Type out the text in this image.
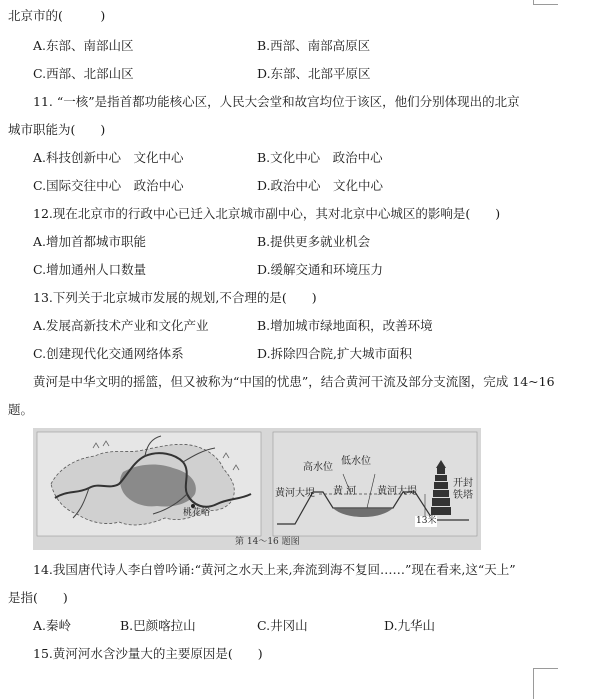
北京市的(　　　)
A.东部、南部山区	B.西部、南部高原区
C.西部、北部山区	D.东部、北部平原区
11. “一核”是指首都功能核心区，人民大会堂和故宫均位于该区，他们分别体现出的北京
城市职能为(　　)
A.科技创新中心　文化中心	B.文化中心　政治中心
C.国际交往中心　政治中心	D.政治中心　文化中心
12.现在北京市的行政中心已迁入北京城市副中心，其对北京中心城区的影响是(　　)
A.增加首都城市职能	B.提供更多就业机会
C.增加通州人口数量	D.缓解交通和环境压力
13.下列关于北京城市发展的规划,不合理的是(　　)
A.发展高新技术产业和文化产业	B.增加城市绿地面积，改善环境
C.创建现代化交通网络体系	D.拆除四合院,扩大城市面积
黄河是中华文明的摇篮，但又被称为“中国的忧患”，结合黄河干流及部分支流图，完成 14~16
题。
桃花峪
高水位
低水位
黄河大堤 黄 河 黄河大堤
开封
铁塔
13米
第 14～16 题图
14.我国唐代诗人李白曾吟诵:“黄河之水天上来,奔流到海不复回……”现在看来,这“天上”
是指(　　)
A.秦岭	B.巴颜喀拉山	C.井冈山	D.九华山
15.黄河河水含沙量大的主要原因是(　　)
